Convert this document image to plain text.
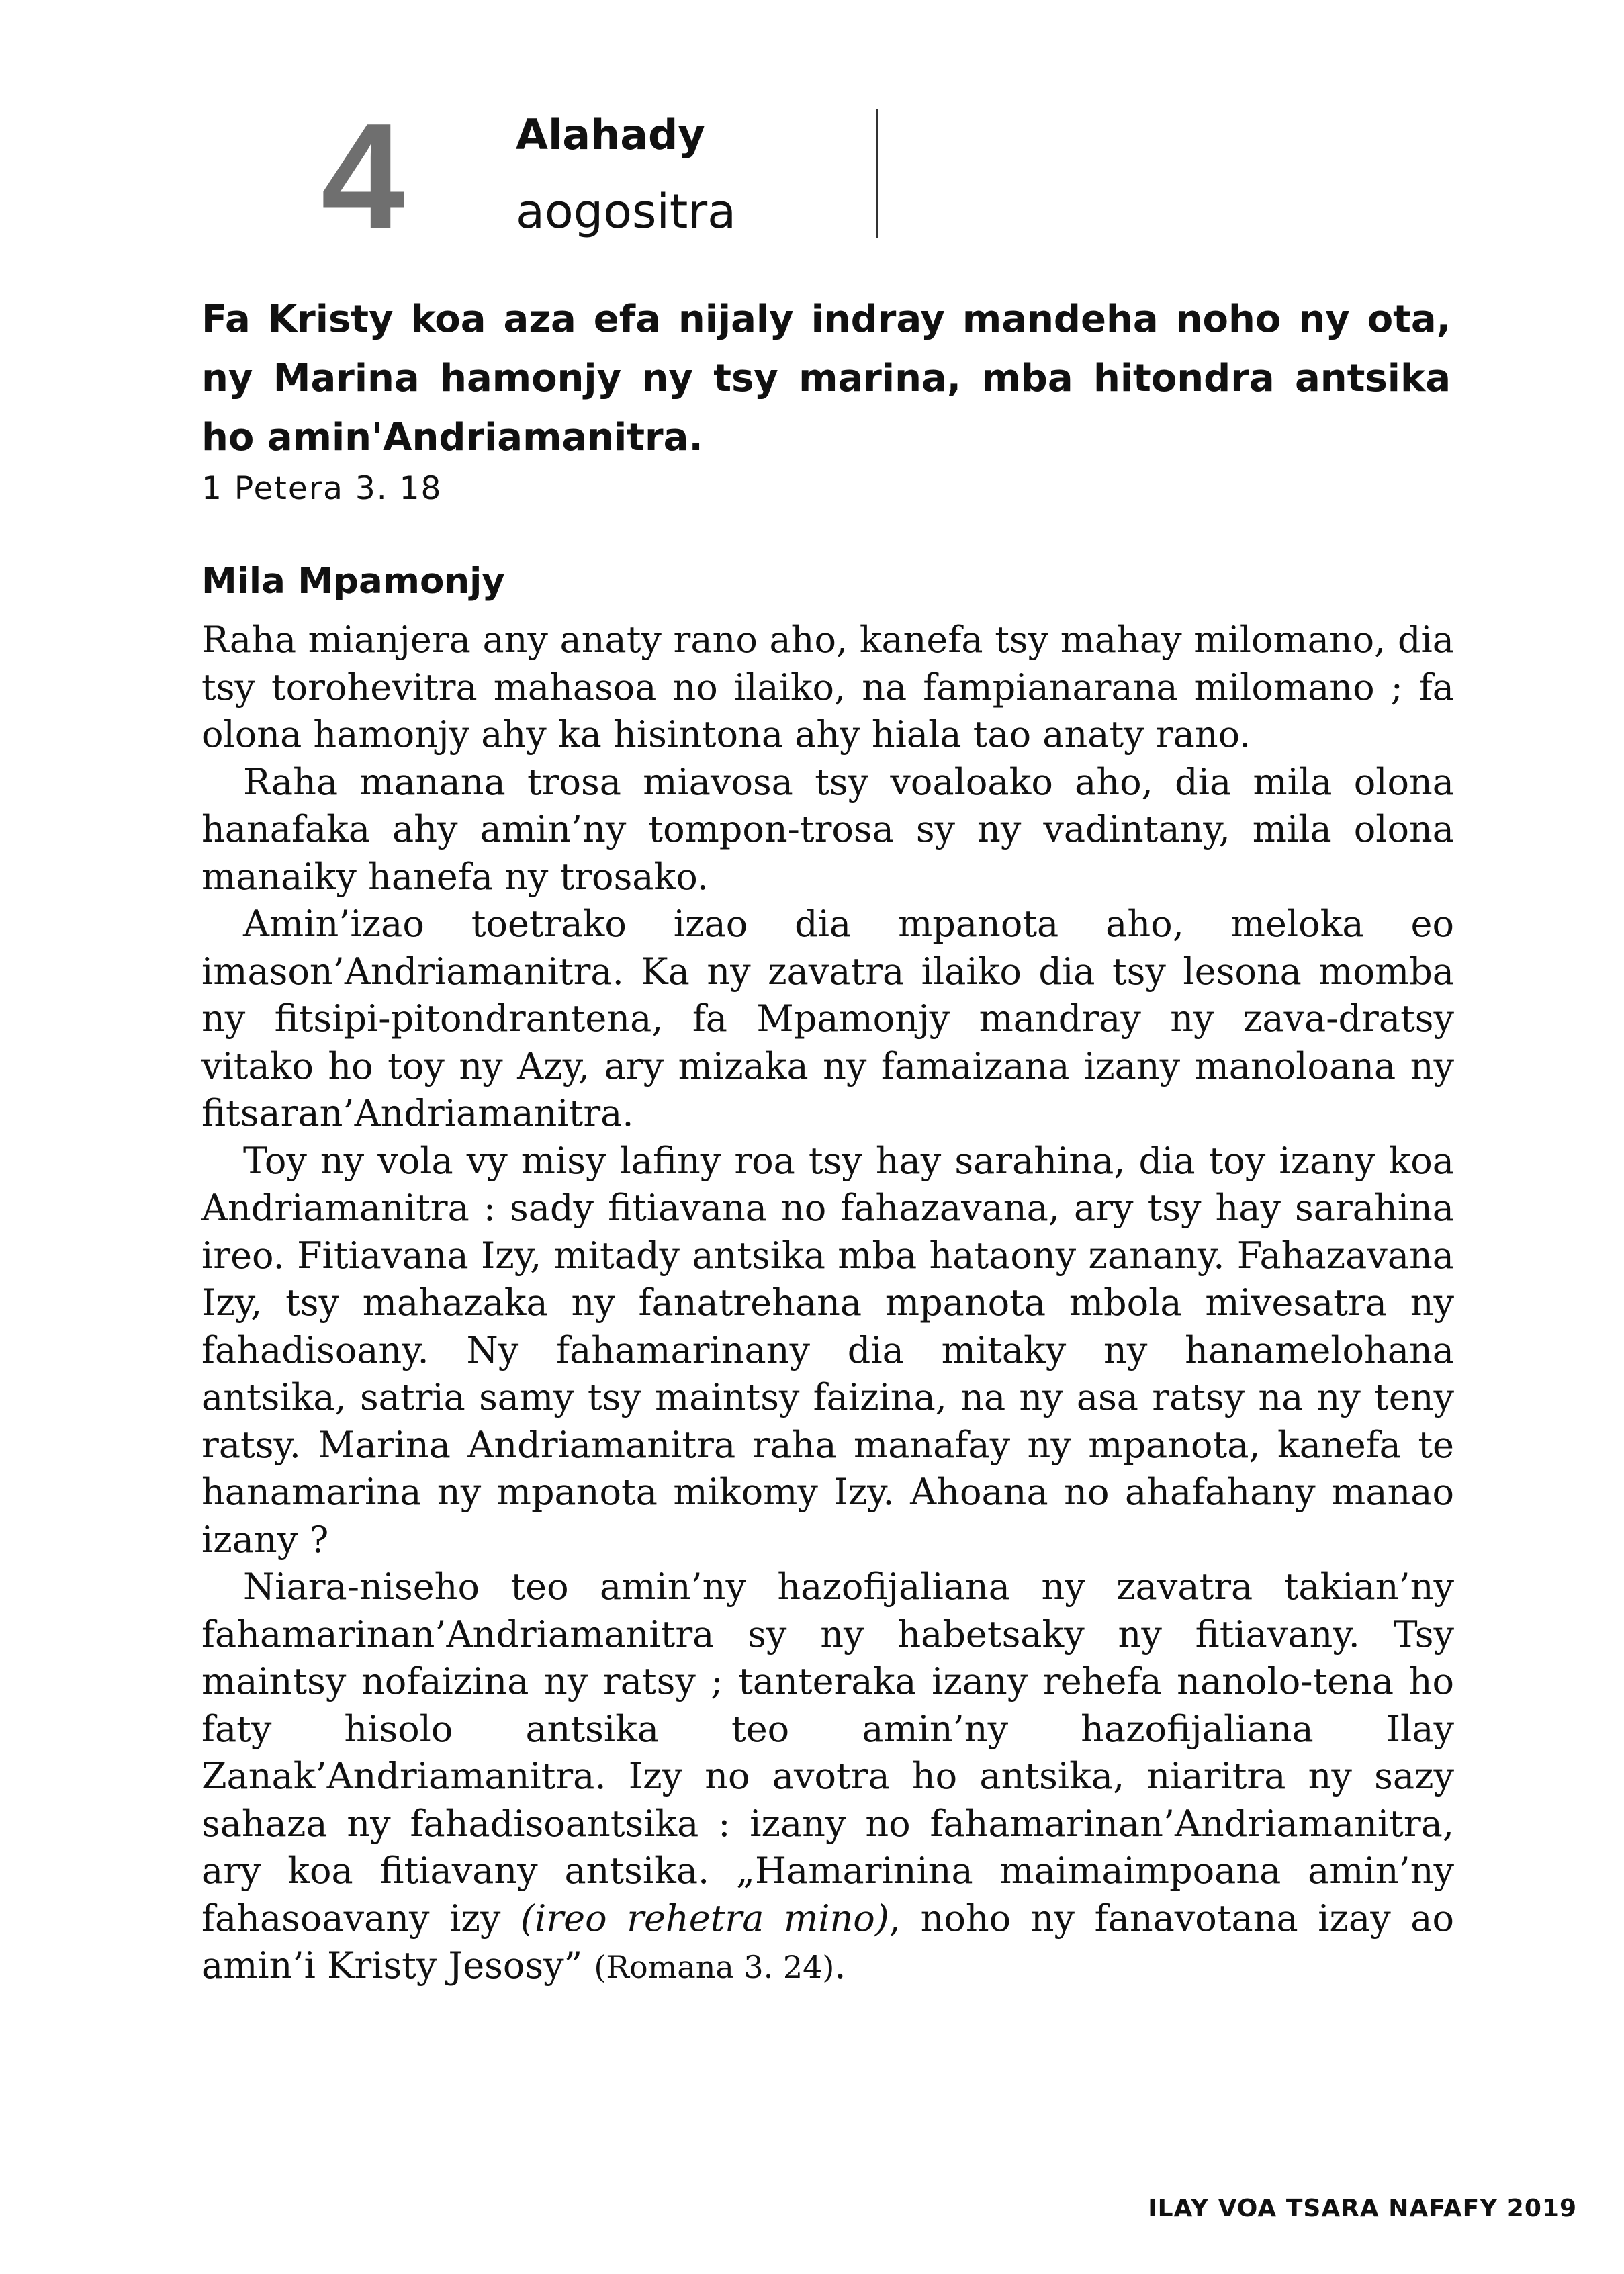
4	Alahady
aogositra

Fa Kristy koa aza efa nijaly indray mandeha noho ny ota, ny Marina hamonjy ny tsy marina, mba hitondra antsika ho amin'Andriamanitra.

1 Petera 3. 18

Mila Mpamonjy

Raha mianjera any anaty rano aho, kanefa tsy mahay milomano, dia tsy torohevitra mahasoa no ilaiko, na fampianarana milomano ; fa olona hamonjy ahy ka hisintona ahy hiala tao anaty rano.

Raha manana trosa miavosa tsy voaloako aho, dia mila olona hanafaka ahy amin’ny tompon-trosa sy ny vadintany, mila olona manaiky hanefa ny trosako.

Amin’izao toetrako izao dia mpanota aho, meloka eo imason’Andriamanitra. Ka ny zavatra ilaiko dia tsy lesona momba ny fitsipi-pitondrantena, fa Mpamonjy mandray ny zava-dratsy vitako ho toy ny Azy, ary mizaka ny famaizana izany manoloana ny fitsaran’Andriamanitra.

Toy ny vola vy misy lafiny roa tsy hay sarahina, dia toy izany koa Andriamanitra : sady fitiavana no fahazavana, ary tsy hay sarahina ireo. Fitiavana Izy, mitady antsika mba hataony zanany. Fahazavana Izy, tsy mahazaka ny fanatrehana mpanota mbola mivesatra ny fahadisoany. Ny fahamarinany dia mitaky ny hanamelohana antsika, satria samy tsy maintsy faizina, na ny asa ratsy na ny teny ratsy. Marina Andriamanitra raha manafay ny mpanota, kanefa te hanamarina ny mpanota mikomy Izy. Ahoana no ahafahany manao izany ?

Niara-niseho teo amin’ny hazofijaliana ny zavatra takian’ny fahamarinan’Andriamanitra sy ny habetsaky ny fitiavany. Tsy maintsy nofaizina ny ratsy ; tanteraka izany rehefa nanolo-tena ho faty hisolo antsika teo amin’ny hazofijaliana Ilay Zanak’Andriamanitra. Izy no avotra ho antsika, niaritra ny sazy sahaza ny fahadisoantsika : izany no fahamarinan’Andriamanitra, ary koa fitiavany antsika. „Hamarinina maimaimpoana amin’ny fahasoavany izy (ireo rehetra mino), noho ny fanavotana izay ao amin’i Kristy Jesosy” (Romana 3. 24).

ILAY VOA TSARA NAFAFY 2019
